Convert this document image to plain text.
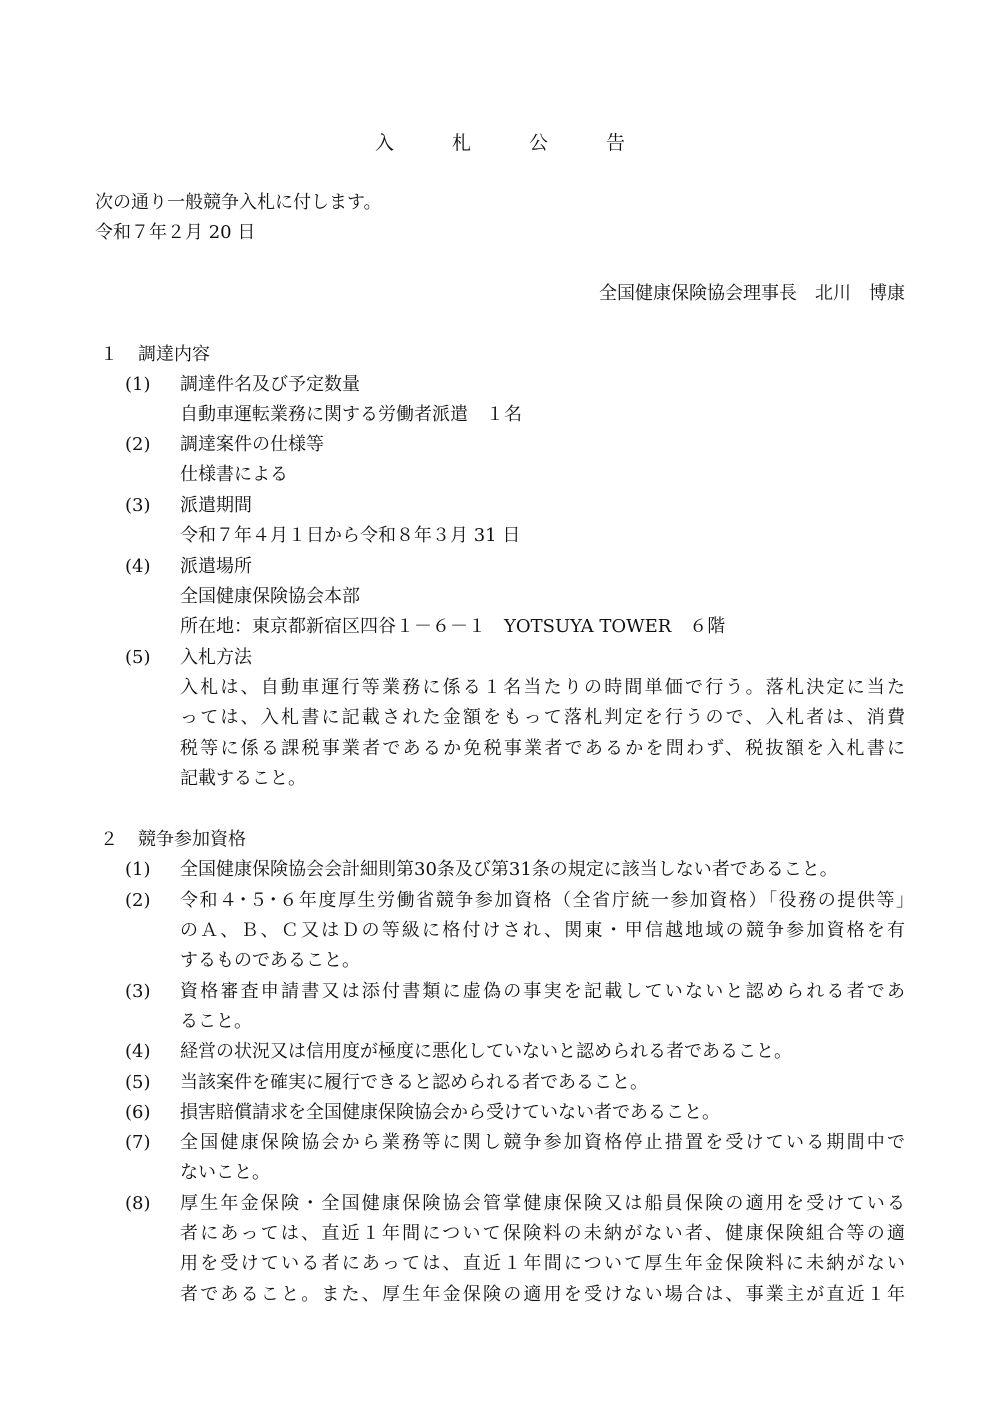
入 札 公 告
次の通り一般競争入札に付します。
令和７年２月 20 日
全国健康保険協会理事長　北川　博康
１ 調達内容
(1)	調達件名及び予定数量
自動車運転業務に関する労働者派遣　１名
(2)	調達案件の仕様等
仕様書による
(3)	派遣期間
令和７年４月１日から令和８年３月 31 日
(4)	派遣場所
全国健康保険協会本部
所在地：東京都新宿区四谷１－６－１　YOTSUYA TOWER　６階
(5)	入札方法
入札は、自動車運行等業務に係る１名当たりの時間単価で行う。落札決定に当た
っては、入札書に記載された金額をもって落札判定を行うので、入札者は、消費
税等に係る課税事業者であるか免税事業者であるかを問わず、税抜額を入札書に
記載すること。
２ 競争参加資格
(1)	全国健康保険協会会計細則第30条及び第31条の規定に該当しない者であること。
(2)	令和４･５･６年度厚生労働省競争参加資格（全省庁統一参加資格）｢役務の提供等｣
のＡ、Ｂ、Ｃ又はＤの等級に格付けされ、関東・甲信越地域の競争参加資格を有
するものであること。
(3)	資格審査申請書又は添付書類に虚偽の事実を記載していないと認められる者であ
ること。
(4)	経営の状況又は信用度が極度に悪化していないと認められる者であること。
(5)	当該案件を確実に履行できると認められる者であること。
(6)	損害賠償請求を全国健康保険協会から受けていない者であること。
(7)	全国健康保険協会から業務等に関し競争参加資格停止措置を受けている期間中で
ないこと。
(8)	厚生年金保険・全国健康保険協会管掌健康保険又は船員保険の適用を受けている
者にあっては、直近１年間について保険料の未納がない者、健康保険組合等の適
用を受けている者にあっては、直近１年間について厚生年金保険料に未納がない
者であること。また、厚生年金保険の適用を受けない場合は、事業主が直近１年
